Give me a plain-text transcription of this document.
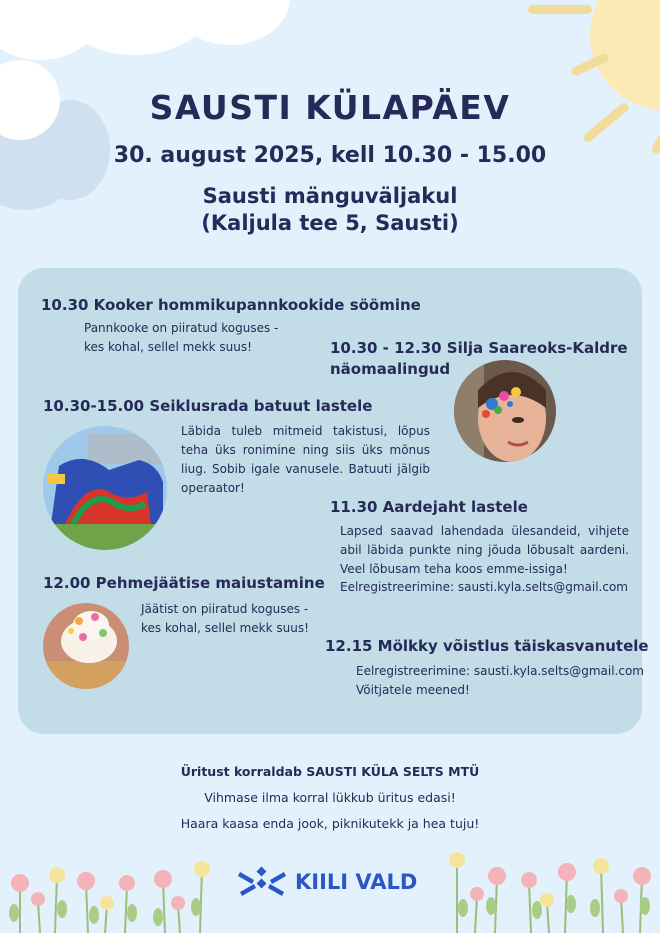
SAUSTI KÜLAPÄEV
30. august 2025, kell 10.30 - 15.00
Sausti mänguväljakul
(Kaljula tee 5, Sausti)
10.30 Kooker hommikupannkookide söömine
Pannkooke on piiratud koguses -
kes kohal, sellel mekk suus!	10.30 - 12.30 Silja Saareoks-Kaldre
näomaalingud
10.30-15.00 Seiklusrada batuut lastele
Läbida tuleb mitmeid takistusi, lõpus teha üks ronimine ning siis üks mõnus liug. Sobib igale vanusele. Batuuti jälgib operaator!
11.30 Aardejaht lastele
Lapsed saavad lahendada ülesandeid, vihjete abil läbida punkte ning jõuda lõbusalt aardeni. Veel lõbusam teha koos emme-issiga!
Eelregistreerimine: sausti.kyla.selts@gmail.com
12.00 Pehmejäätise maiustamine
Jäätist on piiratud koguses -
kes kohal, sellel mekk suus!
12.15 Mölkky võistlus täiskasvanutele
Eelregistreerimine: sausti.kyla.selts@gmail.com
Võitjatele meened!
Üritust korraldab SAUSTI KÜLA SELTS MTÜ
Vihmase ilma korral lükkub üritus edasi!
Haara kaasa enda jook, piknikutekk ja hea tuju!
KIILI VALD
